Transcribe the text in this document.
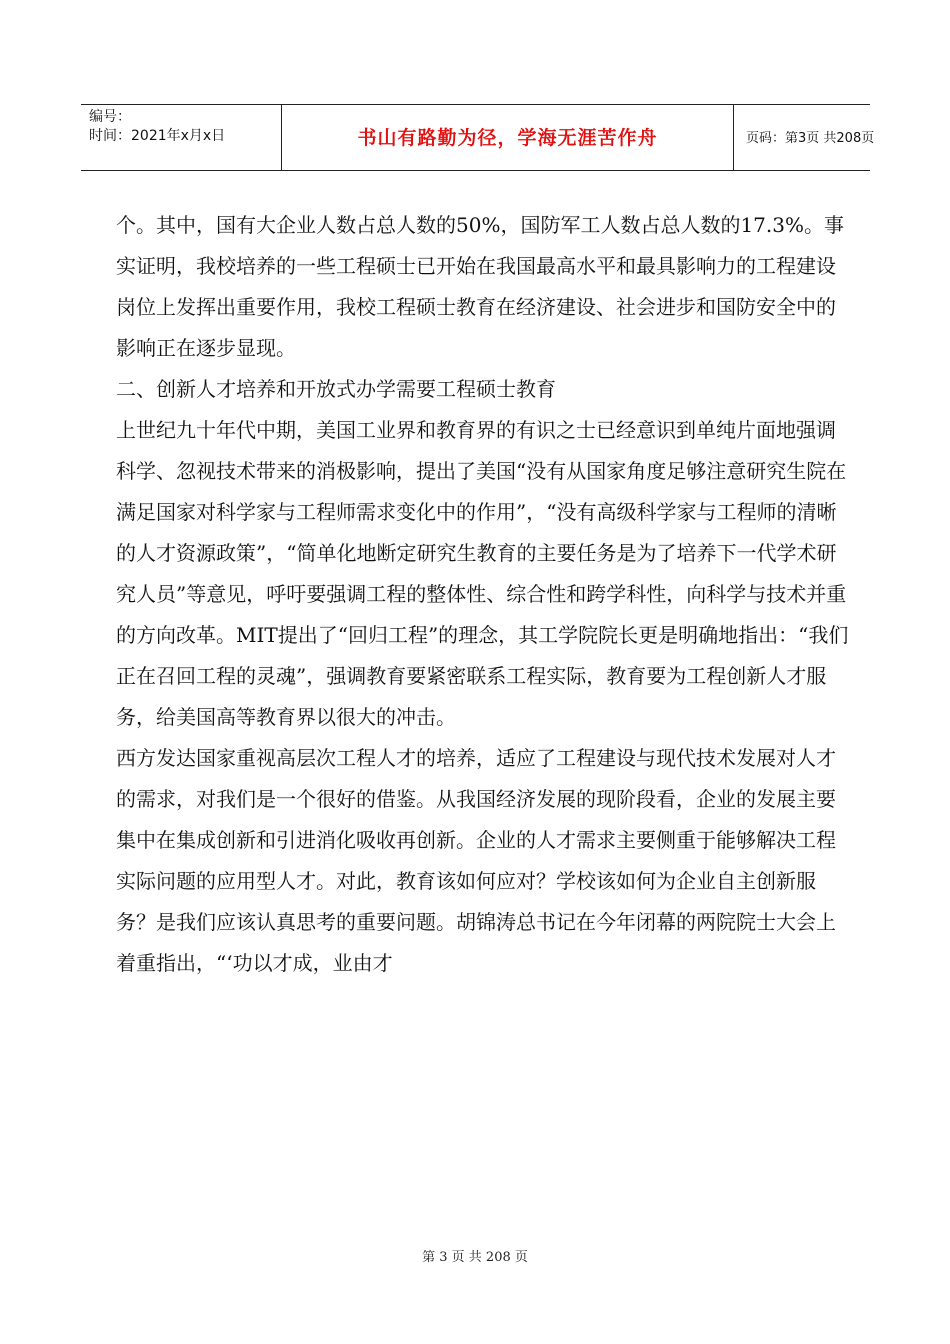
编号：
时间：2021年x月x日	书山有路勤为径，学海无涯苦作舟	页码：第3页 共208页

个。其中，国有大企业人数占总人数的50%，国防军工人数占总人数的17.3%。事实证明，我校培养的一些工程硕士已开始在我国最高水平和最具影响力的工程建设岗位上发挥出重要作用，我校工程硕士教育在经济建设、社会进步和国防安全中的影响正在逐步显现。

二、创新人才培养和开放式办学需要工程硕士教育

上世纪九十年代中期，美国工业界和教育界的有识之士已经意识到单纯片面地强调科学、忽视技术带来的消极影响，提出了美国“没有从国家角度足够注意研究生院在满足国家对科学家与工程师需求变化中的作用”，“没有高级科学家与工程师的清晰的人才资源政策”，“简单化地断定研究生教育的主要任务是为了培养下一代学术研究人员”等意见，呼吁要强调工程的整体性、综合性和跨学科性，向科学与技术并重的方向改革。MIT提出了“回归工程”的理念，其工学院院长更是明确地指出：“我们正在召回工程的灵魂”，强调教育要紧密联系工程实际，教育要为工程创新人才服务，给美国高等教育界以很大的冲击。

西方发达国家重视高层次工程人才的培养，适应了工程建设与现代技术发展对人才的需求，对我们是一个很好的借鉴。从我国经济发展的现阶段看，企业的发展主要集中在集成创新和引进消化吸收再创新。企业的人才需求主要侧重于能够解决工程实际问题的应用型人才。对此，教育该如何应对？学校该如何为企业自主创新服务？是我们应该认真思考的重要问题。胡锦涛总书记在今年闭幕的两院院士大会上着重指出，“‘功以才成，业由才

第 3 页 共 208 页
